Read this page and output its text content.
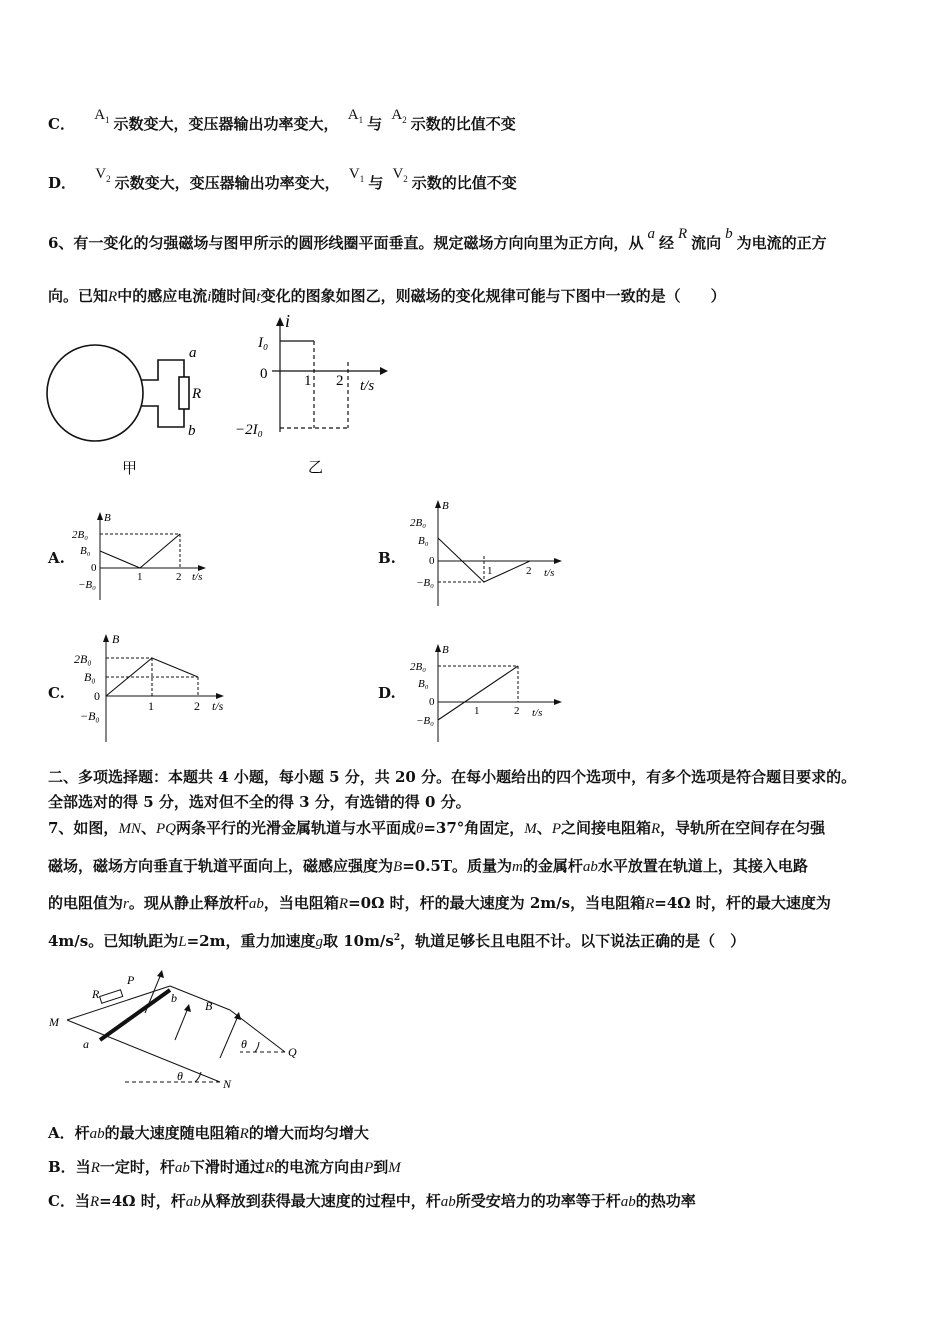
C． $A_1$ 示数变大，变压器输出功率变大， $A_1$ 与 $A_2$ 示数的比值不变
D． $V_2$ 示数变大，变压器输出功率变大， $V_1$ 与 $V_2$ 示数的比值不变
6、有一变化的匀强磁场与图甲所示的圆形线圈平面垂直。规定磁场方向向里为正方向，从 a 经 R 流向 b 为电流的正方
向。已知R中的感应电流i随时间t变化的图象如图乙，则磁场的变化规律可能与下图中一致的是（　　）
a
R
b
甲
i
I₀
0 1 2 t/s
−2I₀
乙
A.
B
2B₀
B₀
0
−B₀
1	2 t/s
B.
B
2B₀
B₀
0
−B₀
1	2 t/s
C.
B
2B₀
B₀
0
−B₀
1	2 t/s
D.
B
2B₀
B₀
0
−B₀
1	2 t/s
二、多项选择题：本题共 4 小题，每小题 5 分，共 20 分。在每小题给出的四个选项中，有多个选项是符合题目要求的。
全部选对的得 5 分，选对但不全的得 3 分，有选错的得 0 分。
7、如图，MN、PQ两条平行的光滑金属轨道与水平面成θ=37°角固定，M、P之间接电阻箱R，导轨所在空间存在匀强
磁场，磁场方向垂直于轨道平面向上，磁感应强度为B=0.5T。质量为m的金属杆ab水平放置在轨道上，其接入电路
的电阻值为r。现从静止释放杆ab，当电阻箱R=0Ω 时，杆的最大速度为 2m/s，当电阻箱R=4Ω 时，杆的最大速度为
4m/s。已知轨距为L=2m，重力加速度g取 $10m/s^2$，轨道足够长且电阻不计。以下说法正确的是（　）
R
P
b
B
M
a	θ
Q
θ
N
A．杆ab的最大速度随电阻箱R的增大而均匀增大
B．当R一定时，杆ab下滑时通过R的电流方向由P到M
C．当R=4Ω 时，杆ab从释放到获得最大速度的过程中，杆ab所受安培力的功率等于杆ab的热功率
